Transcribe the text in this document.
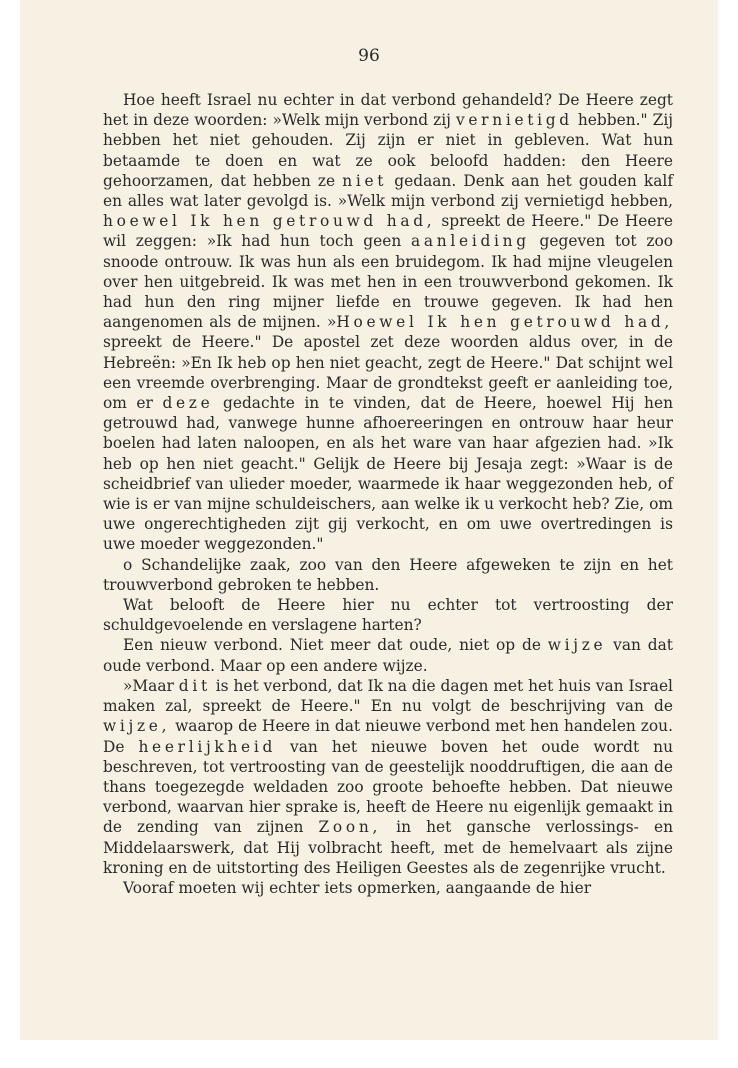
96

Hoe heeft Israel nu echter in dat verbond gehandeld? De Heere zegt het in deze woorden: »Welk mijn verbond zij vernietigd hebben." Zij hebben het niet gehouden. Zij zijn er niet in gebleven. Wat hun betaamde te doen en wat ze ook beloofd hadden: den Heere gehoorzamen, dat hebben ze niet gedaan. Denk aan het gouden kalf en alles wat later gevolgd is. »Welk mijn verbond zij vernietigd hebben, hoewel Ik hen getrouwd had, spreekt de Heere." De Heere wil zeggen: »Ik had hun toch geen aanleiding gegeven tot zoo snoode ontrouw. Ik was hun als een bruidegom. Ik had mijne vleugelen over hen uitgebreid. Ik was met hen in een trouwverbond gekomen. Ik had hun den ring mijner liefde en trouwe gegeven. Ik had hen aangenomen als de mijnen. »Hoewel Ik hen getrouwd had, spreekt de Heere." De apostel zet deze woorden aldus over, in de Hebreën: »En Ik heb op hen niet geacht, zegt de Heere." Dat schijnt wel een vreemde overbrenging. Maar de grondtekst geeft er aanleiding toe, om er deze gedachte in te vinden, dat de Heere, hoewel Hij hen getrouwd had, vanwege hunne afhoereeringen en ontrouw haar heur boelen had laten naloopen, en als het ware van haar afgezien had. »Ik heb op hen niet geacht." Gelijk de Heere bij Jesaja zegt: »Waar is de scheidbrief van ulieder moeder, waarmede ik haar weggezonden heb, of wie is er van mijne schuldeischers, aan welke ik u verkocht heb? Zie, om uwe ongerechtigheden zijt gij verkocht, en om uwe overtredingen is uwe moeder weggezonden."

o Schandelijke zaak, zoo van den Heere afgeweken te zijn en het trouwverbond gebroken te hebben.

Wat belooft de Heere hier nu echter tot vertroosting der schuldgevoelende en verslagene harten?

Een nieuw verbond. Niet meer dat oude, niet op de wijze van dat oude verbond. Maar op een andere wijze.

»Maar dit is het verbond, dat Ik na die dagen met het huis van Israel maken zal, spreekt de Heere." En nu volgt de beschrijving van de wijze, waarop de Heere in dat nieuwe verbond met hen handelen zou. De heerlijkheid van het nieuwe boven het oude wordt nu beschreven, tot vertroosting van de geestelijk nooddruftigen, die aan de thans toegezegde weldaden zoo groote behoefte hebben. Dat nieuwe verbond, waarvan hier sprake is, heeft de Heere nu eigenlijk gemaakt in de zending van zijnen Zoon, in het gansche verlossings- en Middelaarswerk, dat Hij volbracht heeft, met de hemelvaart als zijne kroning en de uitstorting des Heiligen Geestes als de zegenrijke vrucht.

Vooraf moeten wij echter iets opmerken, aangaande de hier
